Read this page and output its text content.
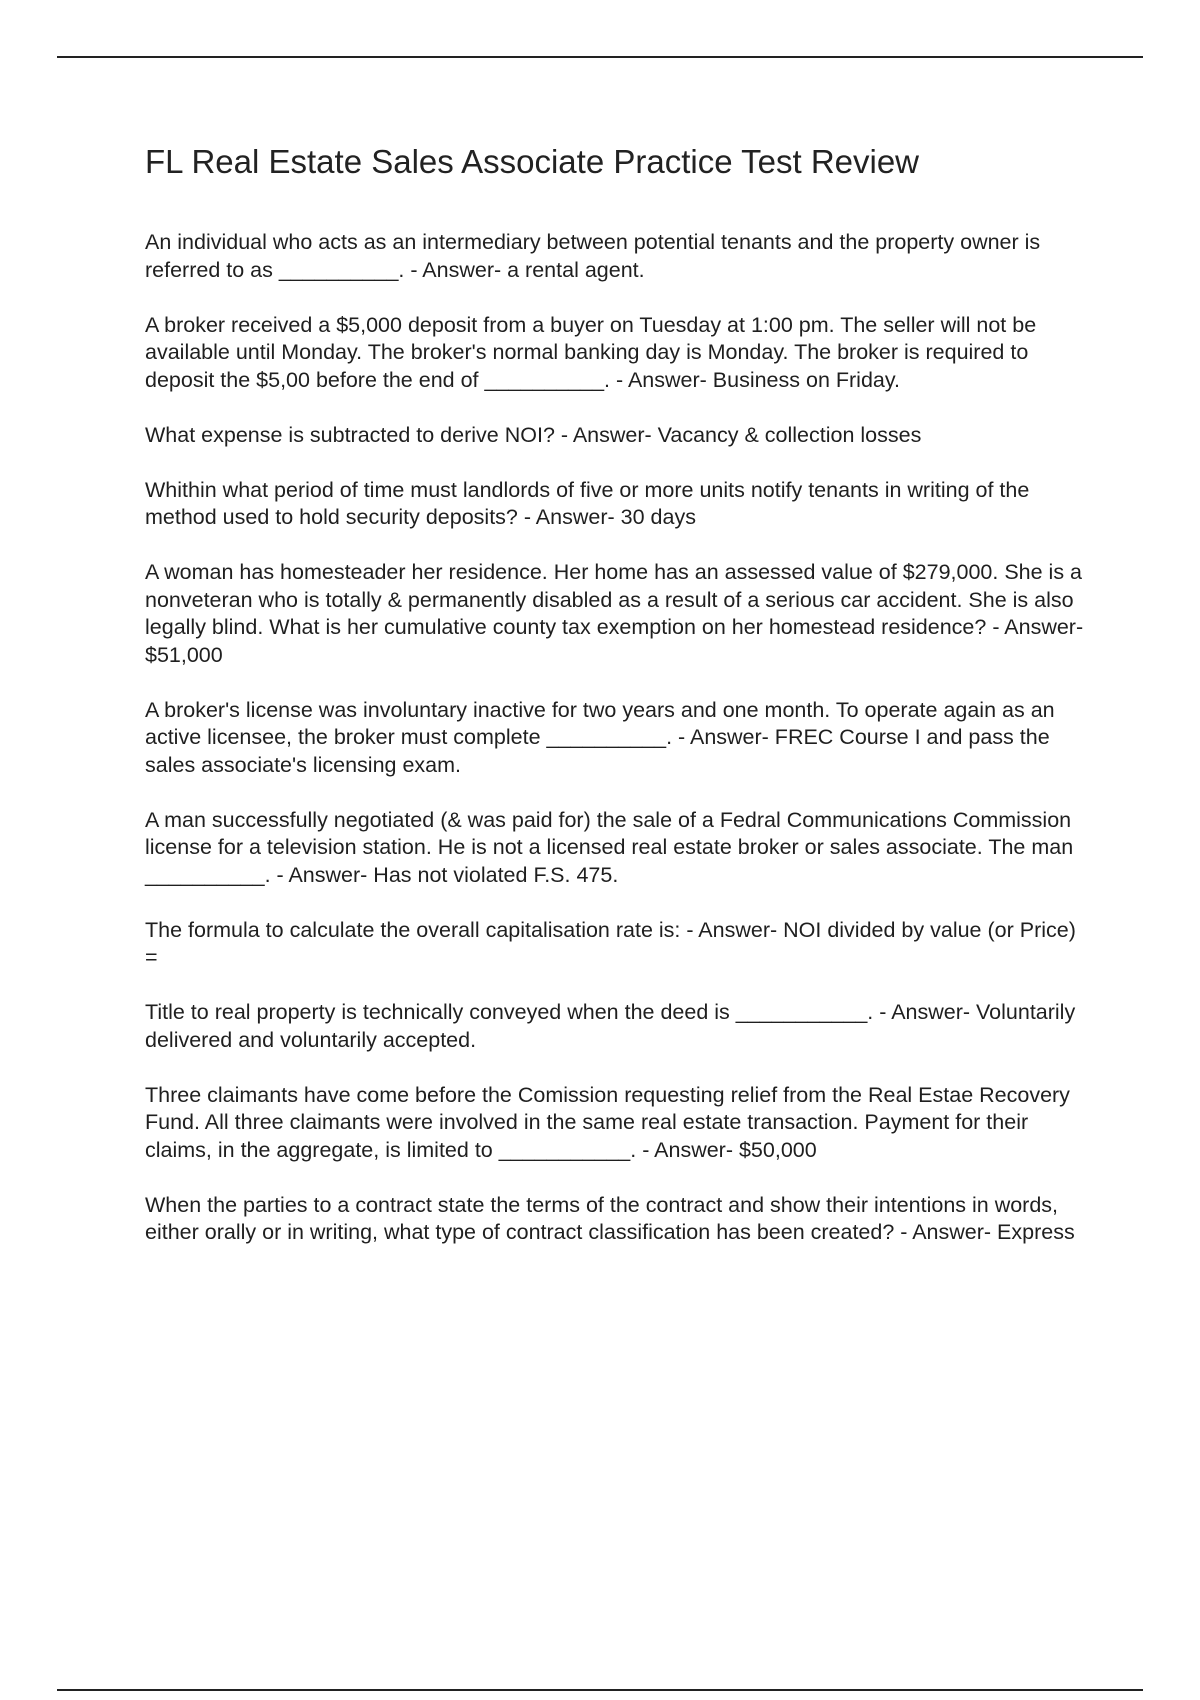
FL Real Estate Sales Associate Practice Test Review

An individual who acts as an intermediary between potential tenants and the property owner is referred to as __________. - Answer- a rental agent.

A broker received a $5,000 deposit from a buyer on Tuesday at 1:00 pm. The seller will not be available until Monday. The broker's normal banking day is Monday. The broker is required to deposit the $5,00 before the end of __________. - Answer- Business on Friday.

What expense is subtracted to derive NOI? - Answer- Vacancy & collection losses

Whithin what period of time must landlords of five or more units notify tenants in writing of the method used to hold security deposits? - Answer- 30 days

A woman has homesteader her residence. Her home has an assessed value of $279,000. She is a nonveteran who is totally & permanently disabled as a result of a serious car accident. She is also legally blind. What is her cumulative county tax exemption on her homestead residence? - Answer- $51,000

A broker's license was involuntary inactive for two years and one month. To operate again as an active licensee, the broker must complete __________. - Answer- FREC Course I and pass the sales associate's licensing exam.

A man successfully negotiated (& was paid for) the sale of a Fedral Communications Commission license for a television station. He is not a licensed real estate broker or sales associate. The man __________. - Answer- Has not violated F.S. 475.

The formula to calculate the overall capitalisation rate is: - Answer- NOI divided by value (or Price) =

Title to real property is technically conveyed when the deed is ___________. - Answer- Voluntarily delivered and voluntarily accepted.

Three claimants have come before the Comission requesting relief from the Real Estae Recovery Fund. All three claimants were involved in the same real estate transaction. Payment for their claims, in the aggregate, is limited to ___________. - Answer- $50,000

When the parties to a contract state the terms of the contract and show their intentions in words, either orally or in writing, what type of contract classification has been created? - Answer- Express
